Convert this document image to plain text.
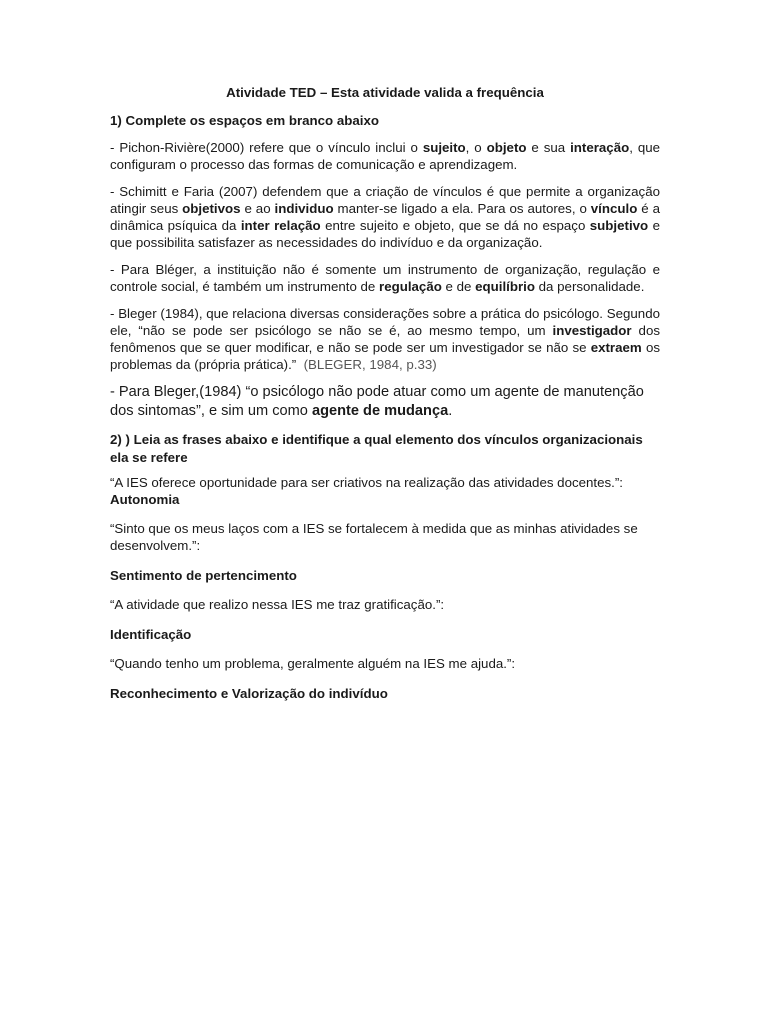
Atividade TED – Esta atividade valida a frequência

1) Complete os espaços em branco abaixo

- Pichon-Rivière(2000) refere que o vínculo inclui o sujeito, o objeto e sua interação, que configuram o processo das formas de comunicação e aprendizagem.

- Schimitt e Faria (2007) defendem que a criação de vínculos é que permite a organização atingir seus objetivos e ao individuo manter-se ligado a ela. Para os autores, o vínculo é a dinâmica psíquica da inter relação entre sujeito e objeto, que se dá no espaço subjetivo e que possibilita satisfazer as necessidades do indivíduo e da organização.

- Para Bléger, a instituição não é somente um instrumento de organização, regulação e controle social, é também um instrumento de regulação e de equilíbrio da personalidade.

- Bleger (1984), que relaciona diversas considerações sobre a prática do psicólogo. Segundo ele, “não se pode ser psicólogo se não se é, ao mesmo tempo, um investigador dos fenômenos que se quer modificar, e não se pode ser um investigador se não se extraem os problemas da (própria prática).” (BLEGER, 1984, p.33)

- Para Bleger,(1984) “o psicólogo não pode atuar como um agente de manutenção dos sintomas”, e sim um como agente de mudança.

2) ) Leia as frases abaixo e identifique a qual elemento dos vínculos organizacionais ela se refere

“A IES oferece oportunidade para ser criativos na realização das atividades docentes.”:

Autonomia

“Sinto que os meus laços com a IES se fortalecem à medida que as minhas atividades se desenvolvem.”:

Sentimento de pertencimento

“A atividade que realizo nessa IES me traz gratificação.”:

Identificação

“Quando tenho um problema, geralmente alguém na IES me ajuda.”:

Reconhecimento e Valorização do indivíduo
